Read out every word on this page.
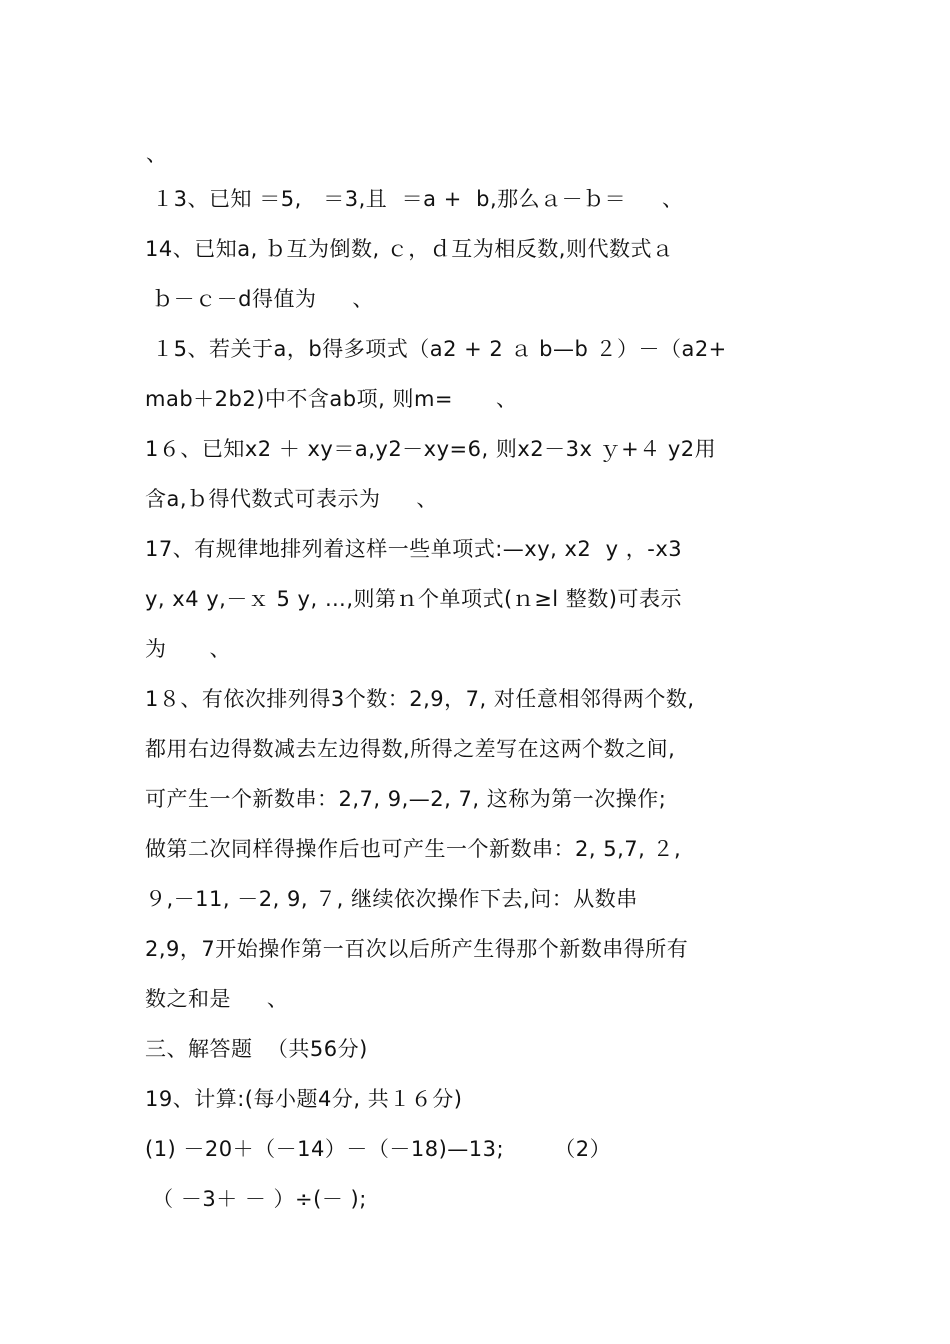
、
１3、已知 ＝5,   ＝3,且  ＝a +  b,那么ａ－ｂ＝     、
14、已知a, ｂ互为倒数, ｃ，ｄ互为相反数,则代数式ａ
ｂ－ｃ－d得值为     、
１5、若关于a，b得多项式（a2 + 2 ａ b—b ２）－（a2+
mab＋2b2)中不含ab项, 则m=      、
1６、已知x2 ＋ xy＝a,y2－xy=6, 则x2－3x ｙ+４ y2用
含a,ｂ得代数式可表示为     、
17、有规律地排列着这样一些单项式:—xy, x2  y ，-x3
y, x4 y,－ｘ 5 y, …,则第ｎ个单项式(ｎ≥l 整数)可表示
为      、
1８、有依次排列得3个数：2,9，7, 对任意相邻得两个数,
都用右边得数减去左边得数,所得之差写在这两个数之间,
可产生一个新数串：2,7, 9,—2, 7, 这称为第一次操作;
做第二次同样得操作后也可产生一个新数串：2, 5,7, ２,
９,－11, －2, 9, ７, 继续依次操作下去,问：从数串
2,9，7开始操作第一百次以后所产生得那个新数串得所有
数之和是     、
三、解答题  （共56分)
19、计算:(每小题4分, 共１６分)
(1) －20＋（－14）－（－18)—13;       （2）
（ －3＋ － ）÷(－ );
